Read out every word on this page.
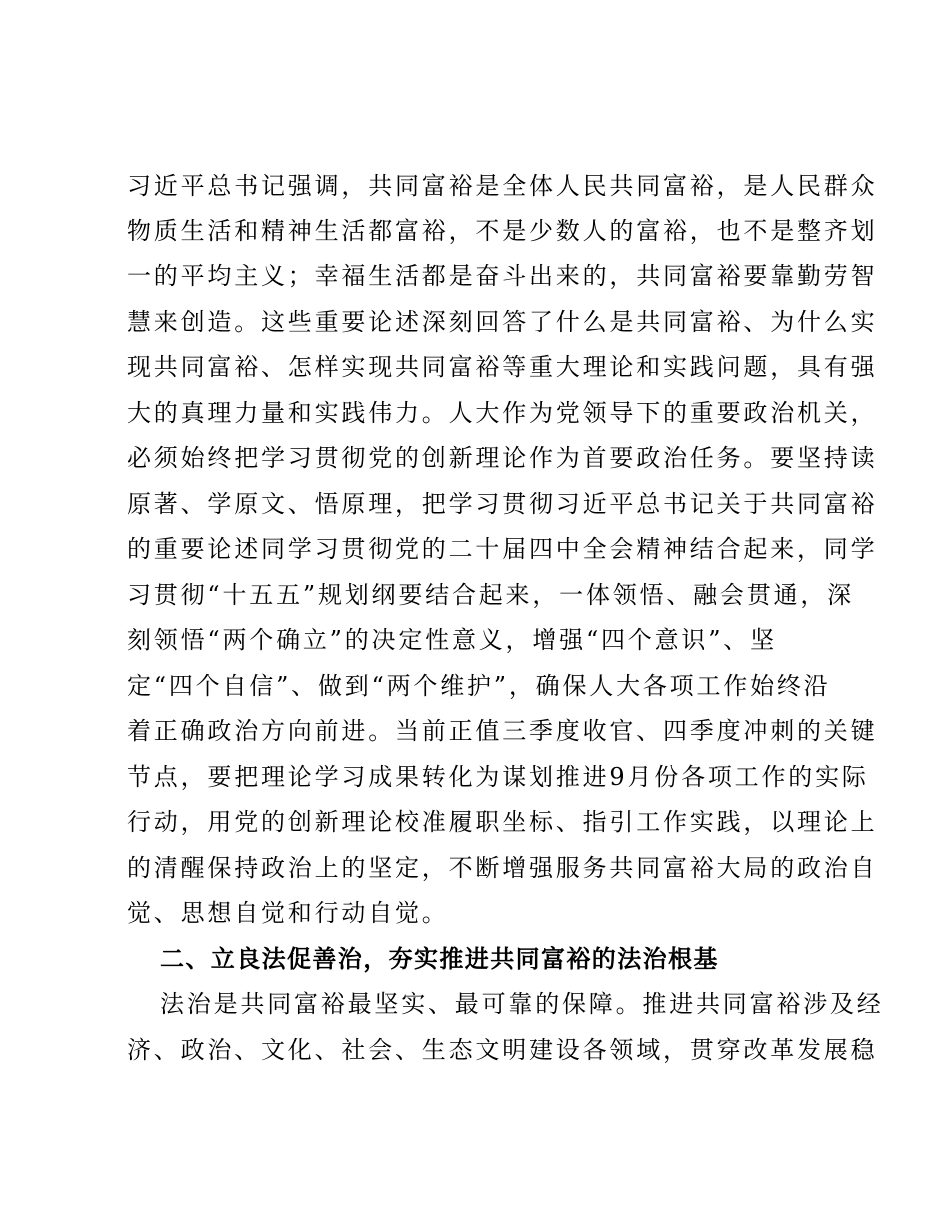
习近平总书记强调，共同富裕是全体人民共同富裕，是人民群众
物质生活和精神生活都富裕，不是少数人的富裕，也不是整齐划
一的平均主义；幸福生活都是奋斗出来的，共同富裕要靠勤劳智
慧来创造。这些重要论述深刻回答了什么是共同富裕、为什么实
现共同富裕、怎样实现共同富裕等重大理论和实践问题，具有强
大的真理力量和实践伟力。人大作为党领导下的重要政治机关，
必须始终把学习贯彻党的创新理论作为首要政治任务。要坚持读
原著、学原文、悟原理，把学习贯彻习近平总书记关于共同富裕
的重要论述同学习贯彻党的二十届四中全会精神结合起来，同学
习贯彻“十五五”规划纲要结合起来，一体领悟、融会贯通，深
刻领悟“两个确立”的决定性意义，增强“四个意识”、坚
定“四个自信”、做到“两个维护”，确保人大各项工作始终沿
着正确政治方向前进。当前正值三季度收官、四季度冲刺的关键
节点，要把理论学习成果转化为谋划推进9月份各项工作的实际
行动，用党的创新理论校准履职坐标、指引工作实践，以理论上
的清醒保持政治上的坚定，不断增强服务共同富裕大局的政治自
觉、思想自觉和行动自觉。
二、立良法促善治，夯实推进共同富裕的法治根基
法治是共同富裕最坚实、最可靠的保障。推进共同富裕涉及经
济、政治、文化、社会、生态文明建设各领域，贯穿改革发展稳
